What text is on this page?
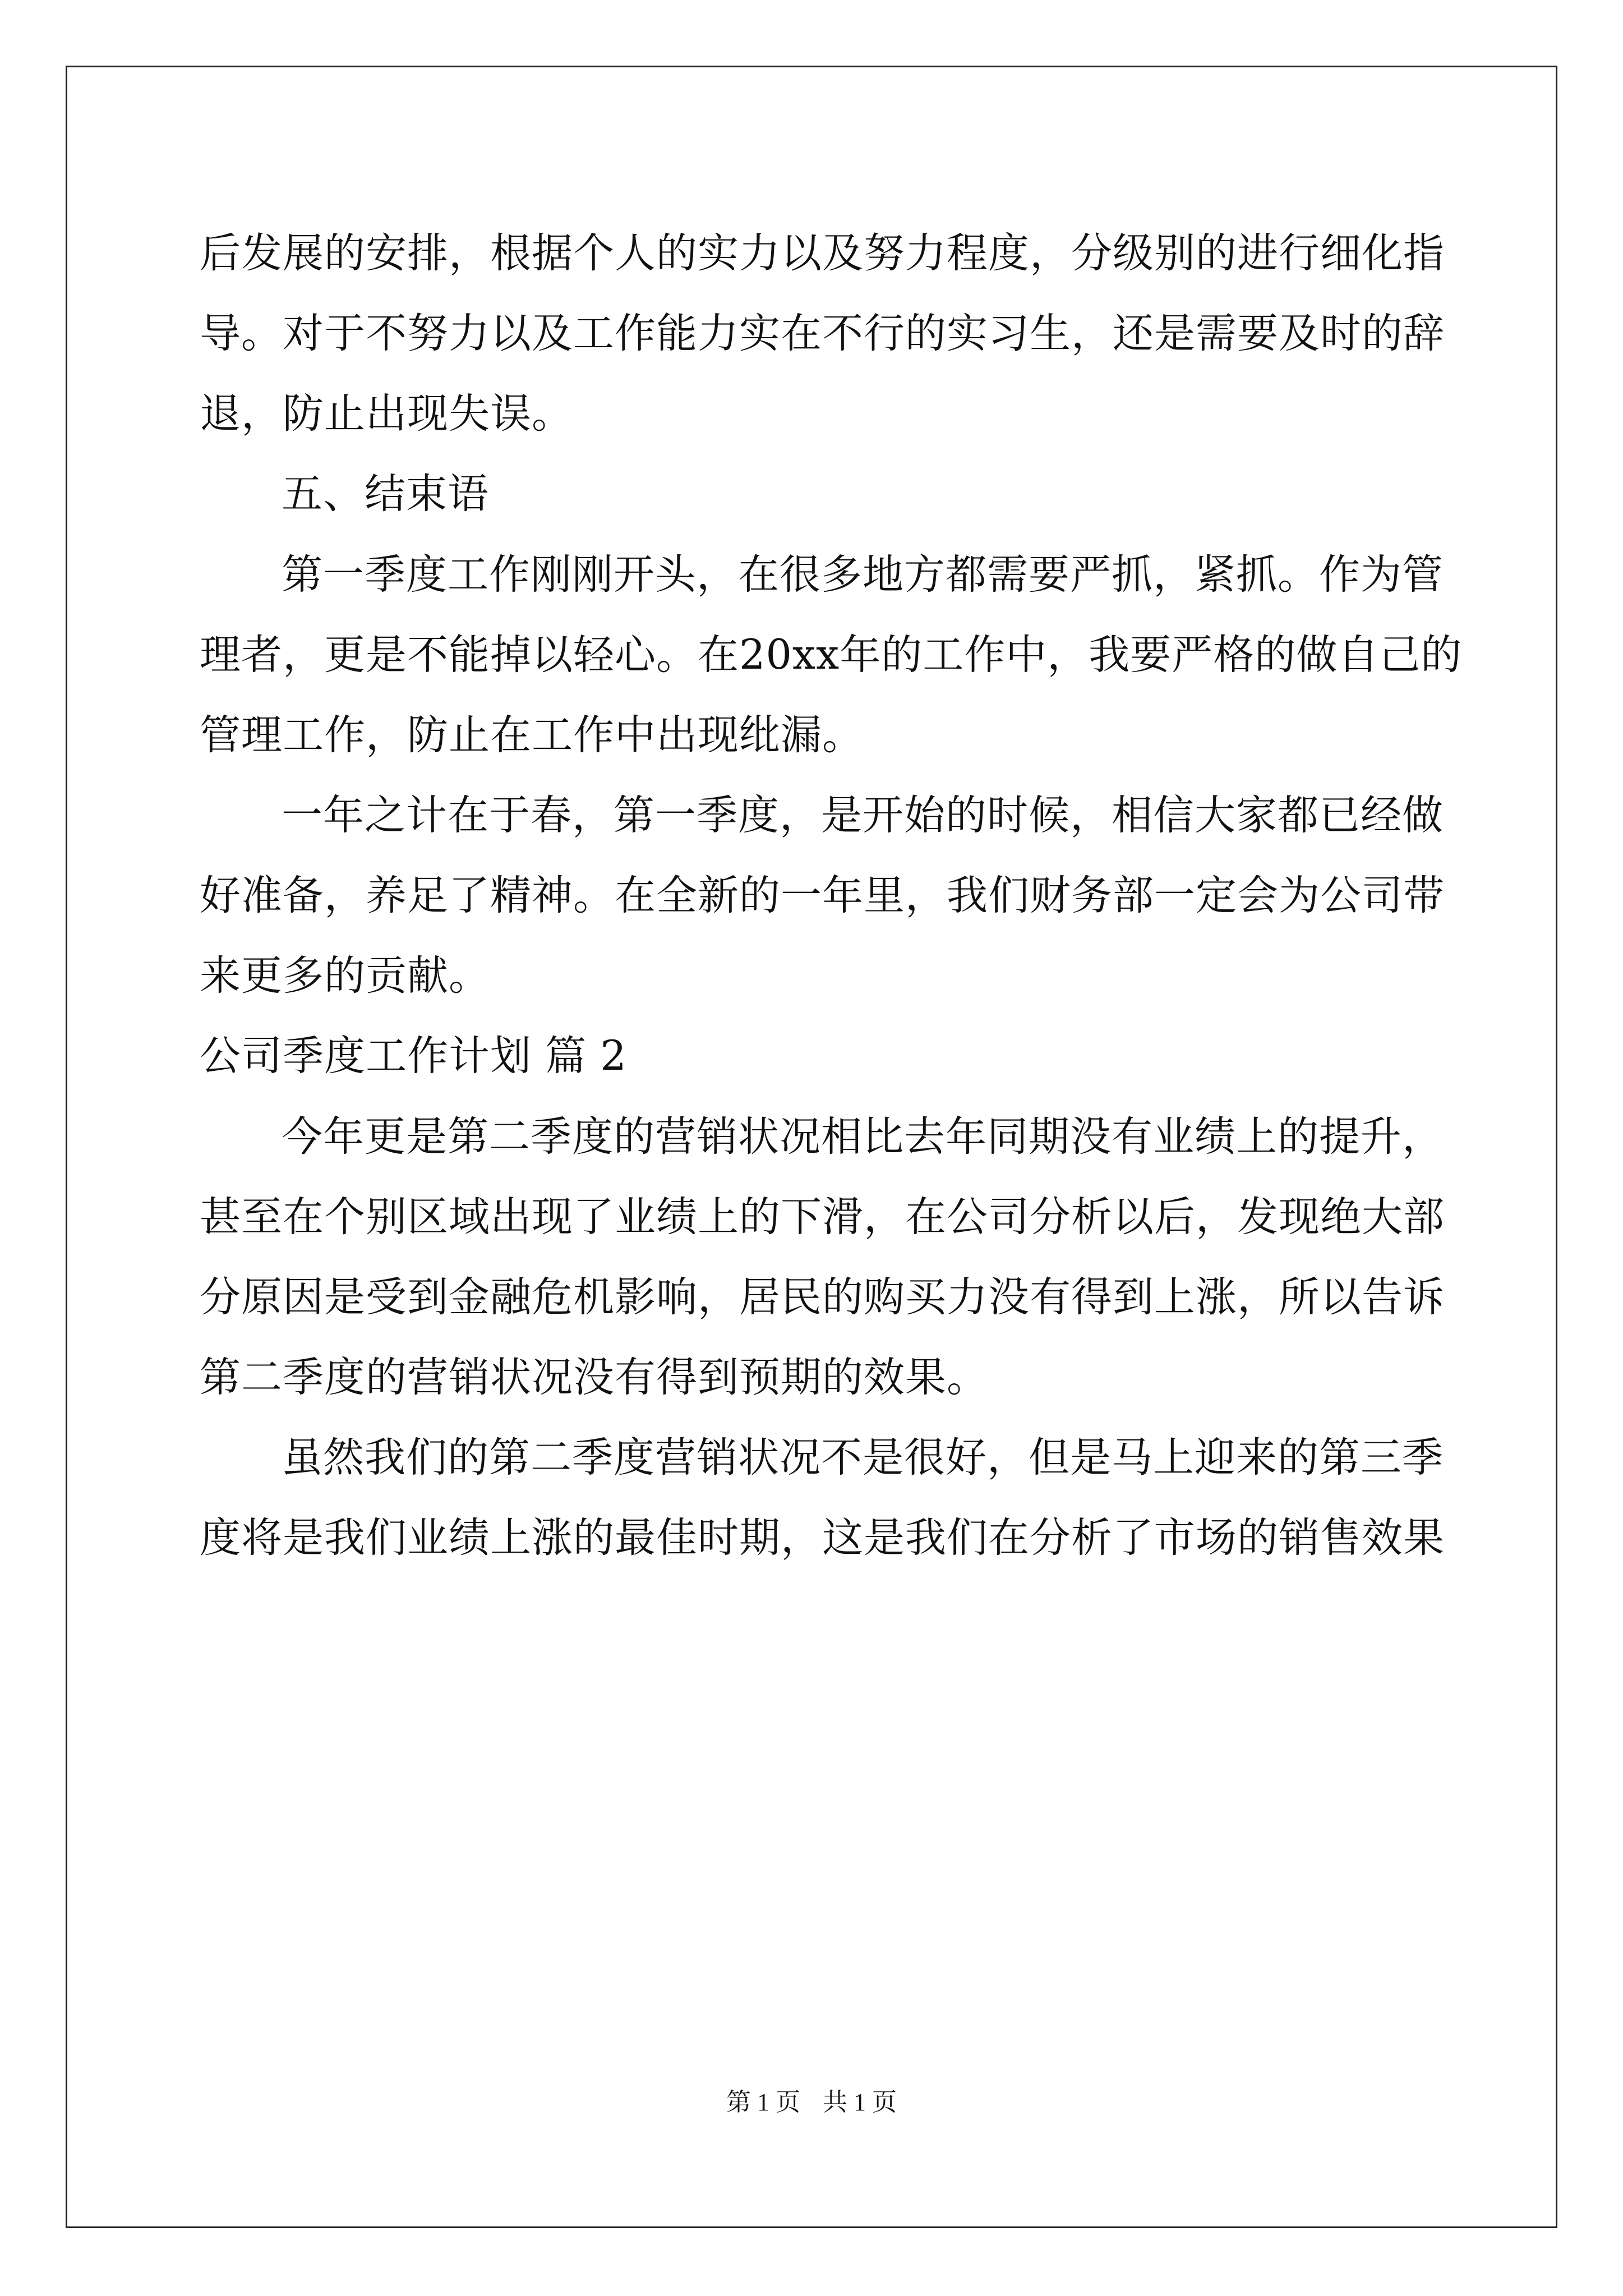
后发展的安排，根据个人的实力以及努力程度，分级别的进行细化指
导。对于不努力以及工作能力实在不行的实习生，还是需要及时的辞
退，防止出现失误。
五、结束语
第一季度工作刚刚开头，在很多地方都需要严抓，紧抓。作为管
理者，更是不能掉以轻心。在20xx年的工作中，我要严格的做自己的
管理工作，防止在工作中出现纰漏。
一年之计在于春，第一季度，是开始的时候，相信大家都已经做
好准备，养足了精神。在全新的一年里，我们财务部一定会为公司带
来更多的贡献。
公司季度工作计划 篇 2
今年更是第二季度的营销状况相比去年同期没有业绩上的提升，
甚至在个别区域出现了业绩上的下滑，在公司分析以后，发现绝大部
分原因是受到金融危机影响，居民的购买力没有得到上涨，所以告诉
第二季度的营销状况没有得到预期的效果。
虽然我们的第二季度营销状况不是很好，但是马上迎来的第三季
度将是我们业绩上涨的最佳时期，这是我们在分析了市场的销售效果
第 1 页 共 1 页
